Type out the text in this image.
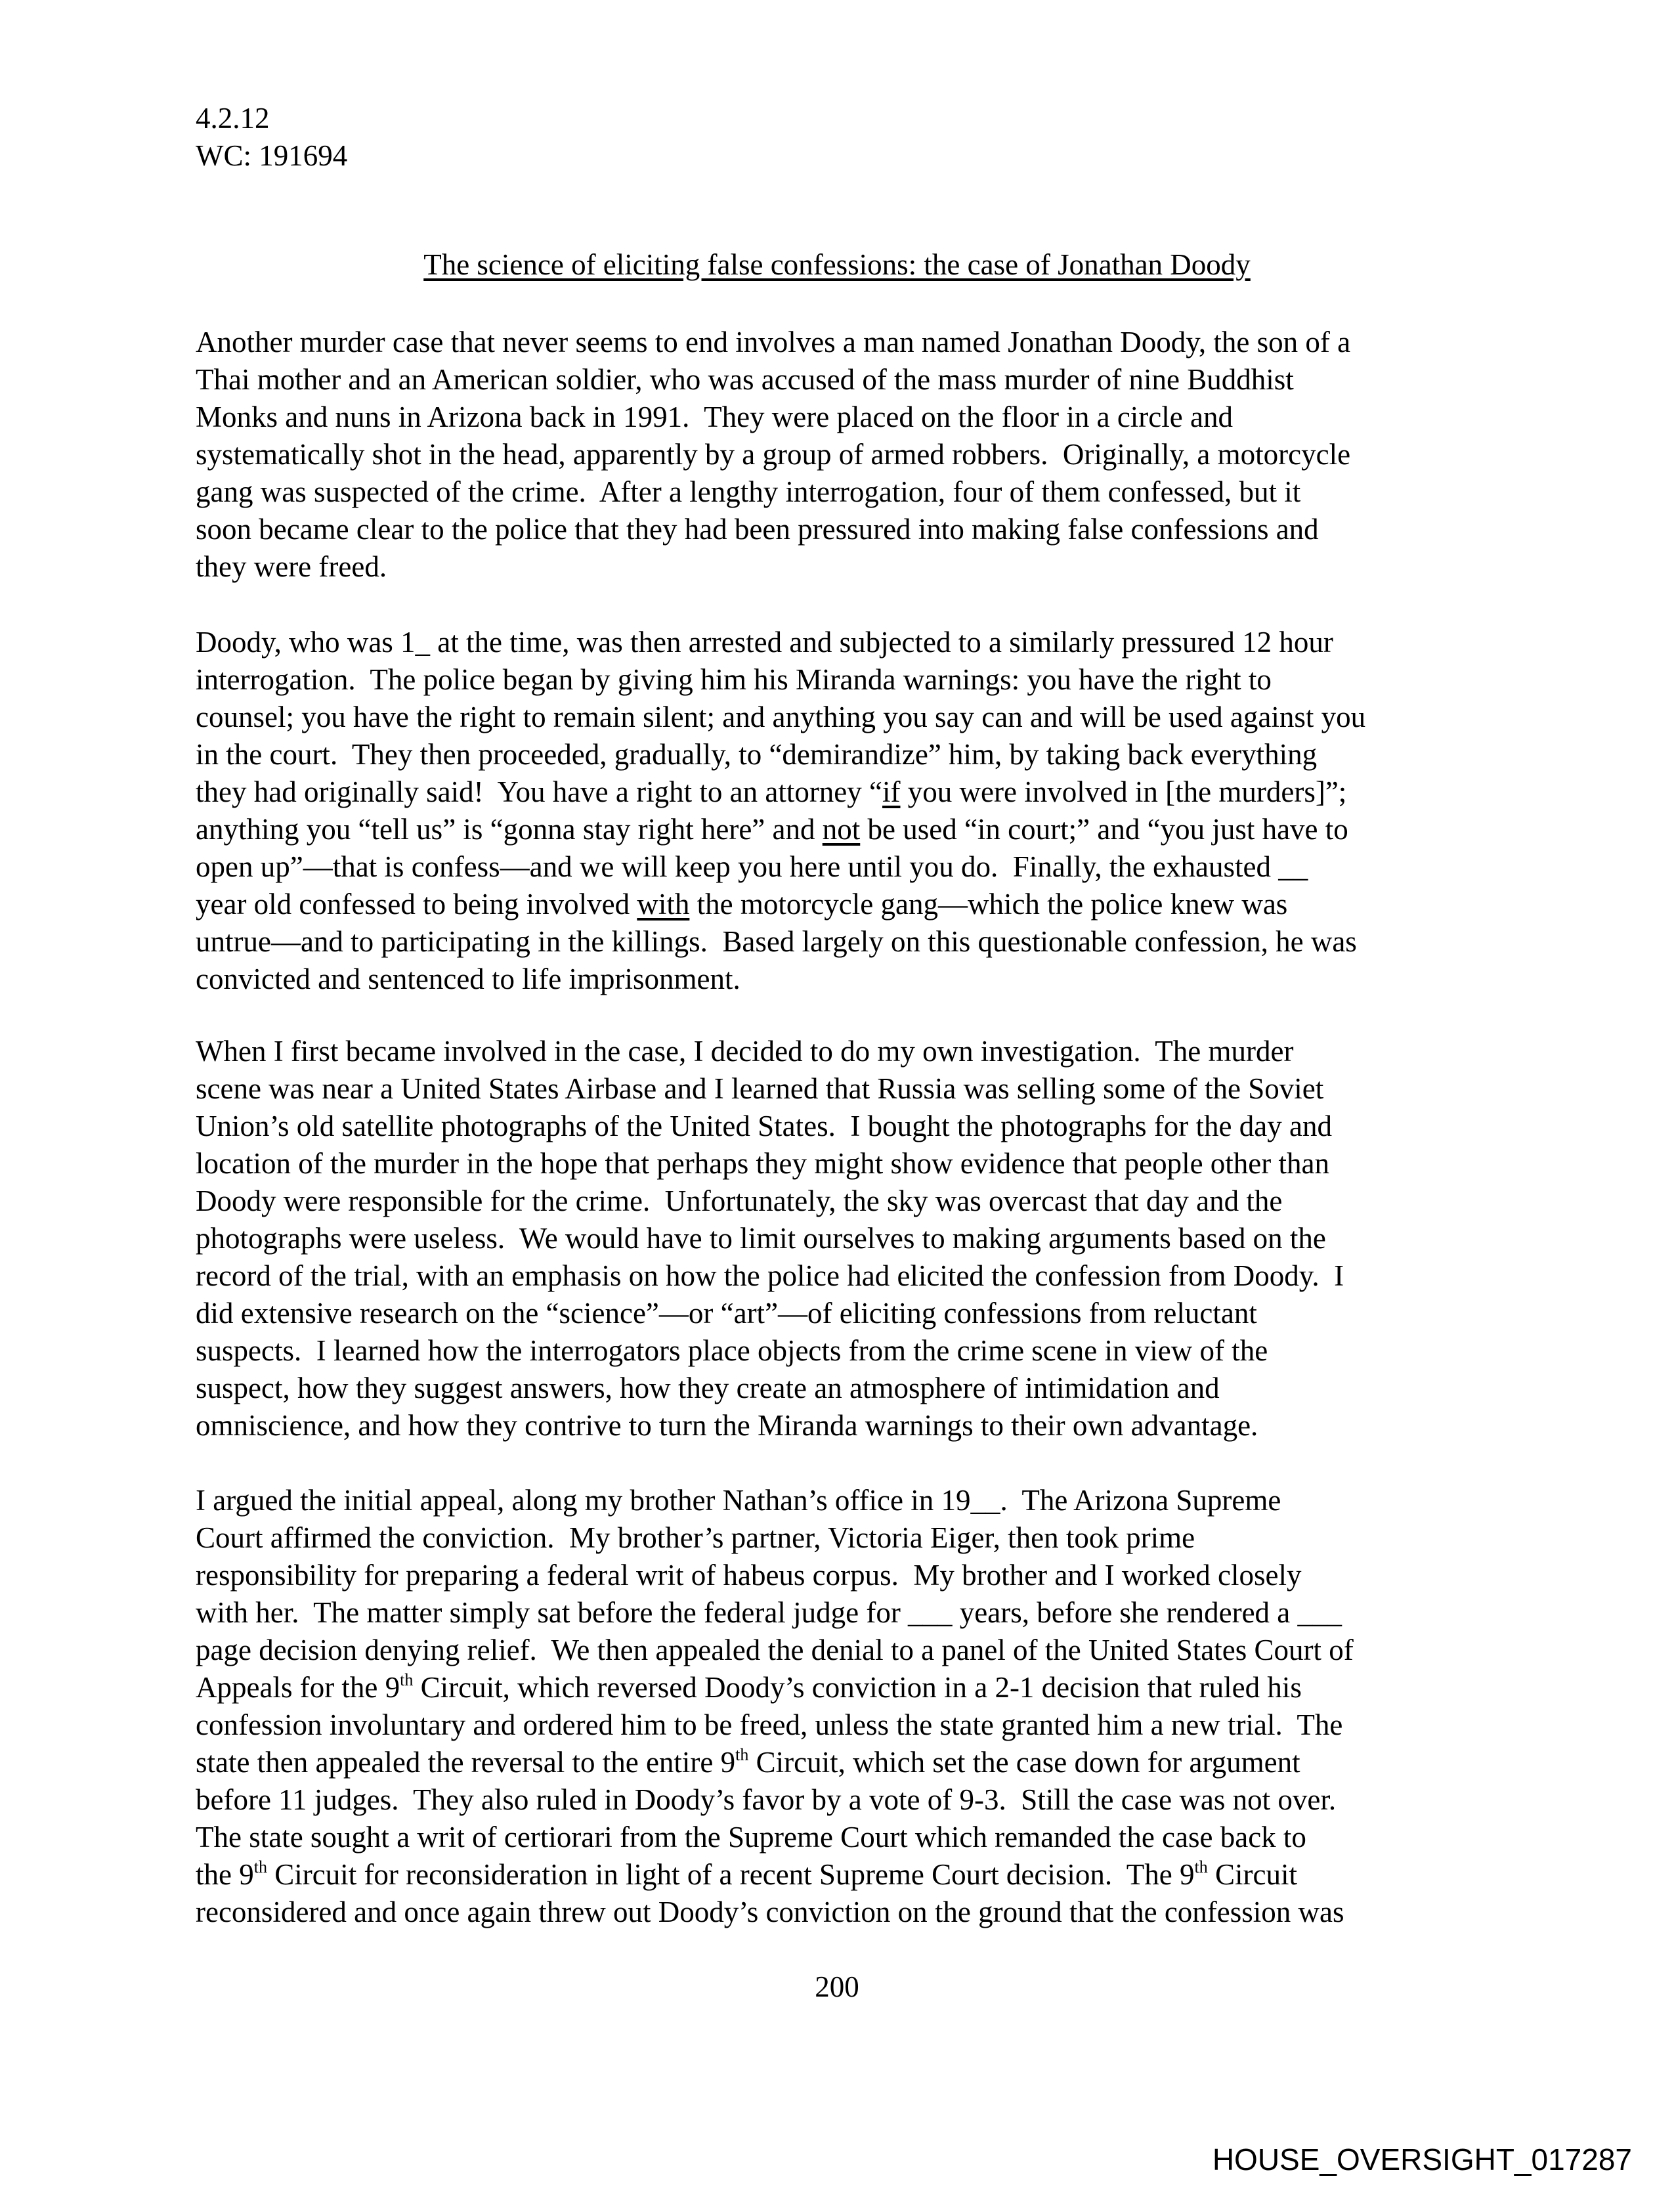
4.2.12
WC: 191694
The science of eliciting false confessions: the case of Jonathan Doody
Another murder case that never seems to end involves a man named Jonathan Doody, the son of a
Thai mother and an American soldier, who was accused of the mass murder of nine Buddhist
Monks and nuns in Arizona back in 1991.  They were placed on the floor in a circle and
systematically shot in the head, apparently by a group of armed robbers.  Originally, a motorcycle
gang was suspected of the crime.  After a lengthy interrogation, four of them confessed, but it
soon became clear to the police that they had been pressured into making false confessions and
they were freed.
Doody, who was 1_ at the time, was then arrested and subjected to a similarly pressured 12 hour
interrogation.  The police began by giving him his Miranda warnings: you have the right to
counsel; you have the right to remain silent; and anything you say can and will be used against you
in the court.  They then proceeded, gradually, to “demirandize” him, by taking back everything
they had originally said!  You have a right to an attorney “if you were involved in [the murders]”;
anything you “tell us” is “gonna stay right here” and not be used “in court;” and “you just have to
open up”—that is confess—and we will keep you here until you do.  Finally, the exhausted __
year old confessed to being involved with the motorcycle gang—which the police knew was
untrue—and to participating in the killings.  Based largely on this questionable confession, he was
convicted and sentenced to life imprisonment.
When I first became involved in the case, I decided to do my own investigation.  The murder
scene was near a United States Airbase and I learned that Russia was selling some of the Soviet
Union’s old satellite photographs of the United States.  I bought the photographs for the day and
location of the murder in the hope that perhaps they might show evidence that people other than
Doody were responsible for the crime.  Unfortunately, the sky was overcast that day and the
photographs were useless.  We would have to limit ourselves to making arguments based on the
record of the trial, with an emphasis on how the police had elicited the confession from Doody.  I
did extensive research on the “science”—or “art”—of eliciting confessions from reluctant
suspects.  I learned how the interrogators place objects from the crime scene in view of the
suspect, how they suggest answers, how they create an atmosphere of intimidation and
omniscience, and how they contrive to turn the Miranda warnings to their own advantage.
I argued the initial appeal, along my brother Nathan’s office in 19__.  The Arizona Supreme
Court affirmed the conviction.  My brother’s partner, Victoria Eiger, then took prime
responsibility for preparing a federal writ of habeus corpus.  My brother and I worked closely
with her.  The matter simply sat before the federal judge for ___ years, before she rendered a ___
page decision denying relief.  We then appealed the denial to a panel of the United States Court of
Appeals for the 9th Circuit, which reversed Doody’s conviction in a 2-1 decision that ruled his
confession involuntary and ordered him to be freed, unless the state granted him a new trial.  The
state then appealed the reversal to the entire 9th Circuit, which set the case down for argument
before 11 judges.  They also ruled in Doody’s favor by a vote of 9-3.  Still the case was not over.
The state sought a writ of certiorari from the Supreme Court which remanded the case back to
the 9th Circuit for reconsideration in light of a recent Supreme Court decision.  The 9th Circuit
reconsidered and once again threw out Doody’s conviction on the ground that the confession was
200
HOUSE_OVERSIGHT_017287
